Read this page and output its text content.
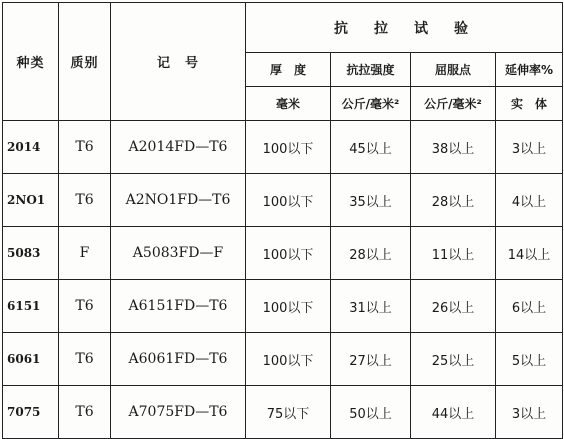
种类	质别	记　号	抗　拉　试　验			
			厚　度	抗拉强度	屈服点	延伸率%
			毫米	公斤/毫米²	公斤/毫米²	实　体
2014	T6	A2014FD—T6	100以下	45以上	38以上	3以上
2NO1	T6	A2NO1FD—T6	100以下	35以上	28以上	4以上
5083	F	A5083FD—F	100以下	28以上	11以上	14以上
6151	T6	A6151FD—T6	100以下	31以上	26以上	6以上
6061	T6	A6061FD—T6	100以下	27以上	25以上	5以上
7075	T6	A7075FD—T6	75以下	50以上	44以上	3以上
